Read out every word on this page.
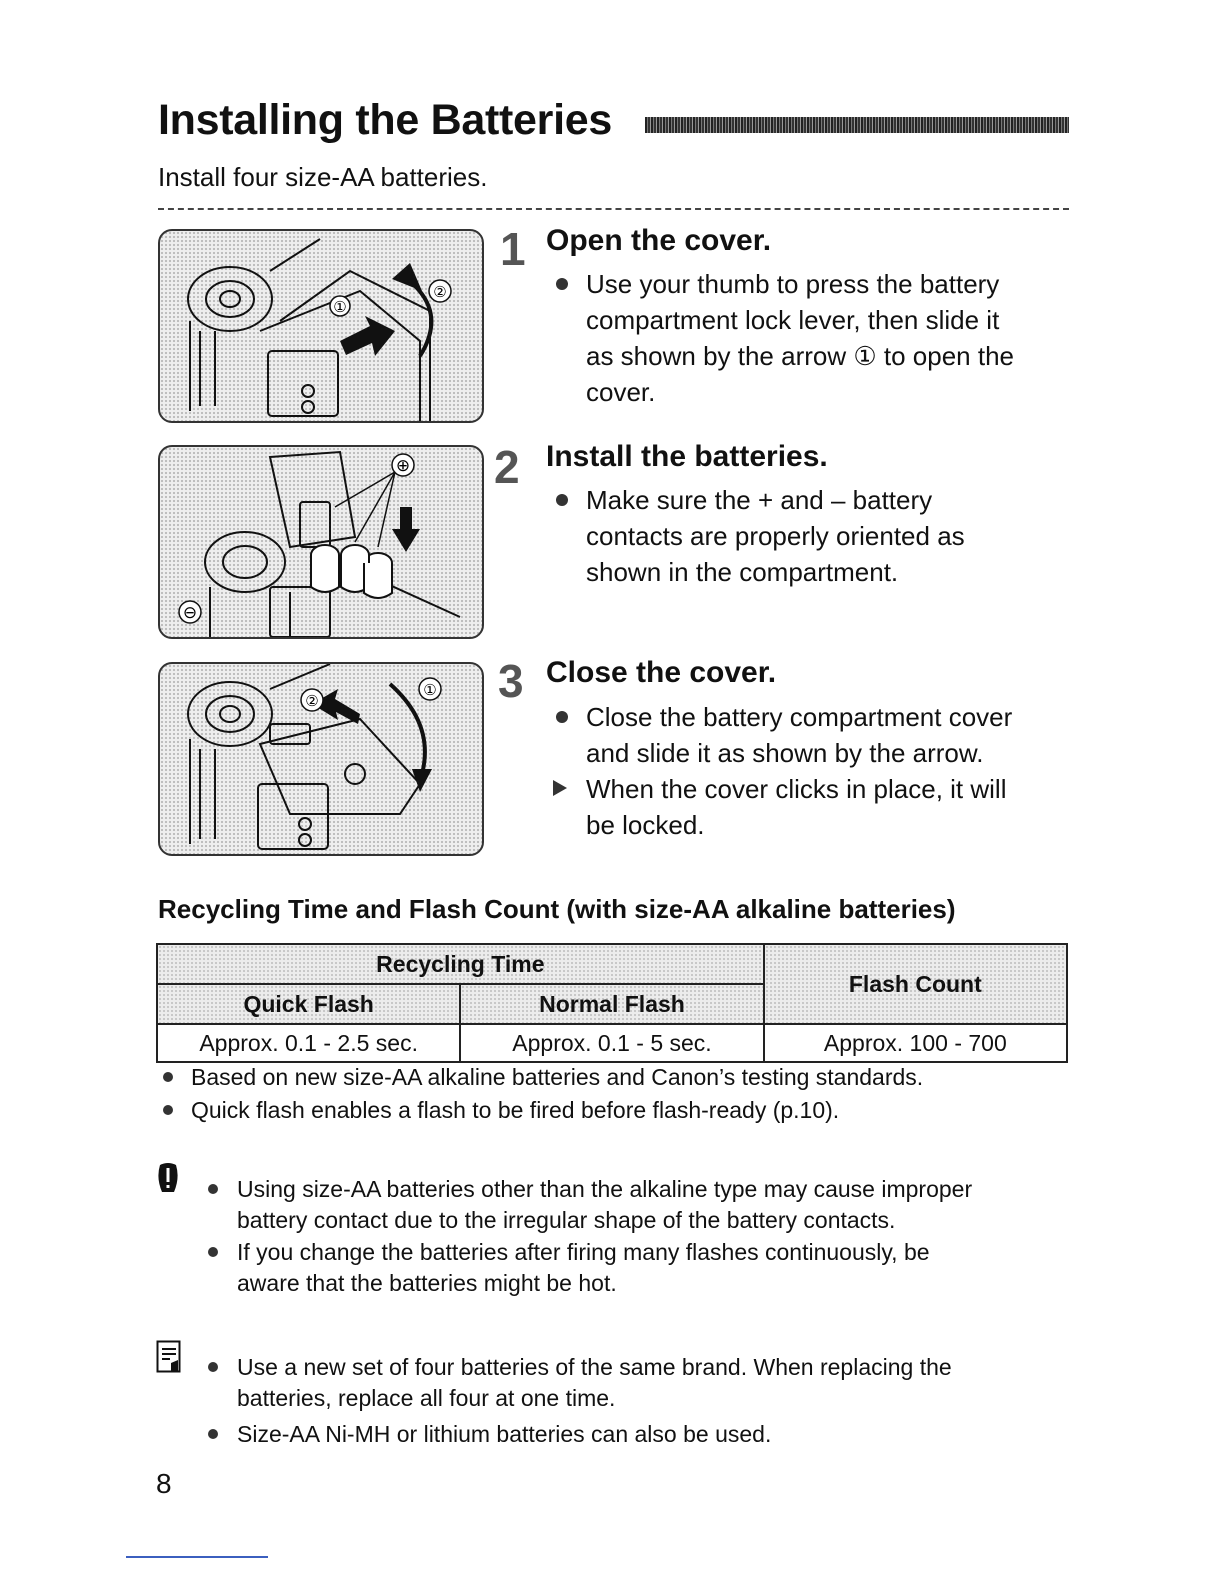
Installing the Batteries
Install four size-AA batteries.
①
②
⊕
⊖
②
①
1 Open the cover.
Use your thumb to press the battery
compartment lock lever, then slide it
as shown by the arrow ① to open the
cover.
2 Install the batteries.
Make sure the + and – battery
contacts are properly oriented as
shown in the compartment.
3 Close the cover.
Close the battery compartment cover
and slide it as shown by the arrow.
When the cover clicks in place, it will
be locked.
Recycling Time and Flash Count (with size-AA alkaline batteries)
Recycling Time		Flash Count
Quick Flash	Normal Flash	
Approx. 0.1 - 2.5 sec.	Approx. 0.1 - 5 sec.	Approx. 100 - 700
Based on new size-AA alkaline batteries and Canon’s testing standards.
Quick flash enables a flash to be fired before flash-ready (p.10).
Using size-AA batteries other than the alkaline type may cause improper
battery contact due to the irregular shape of the battery contacts.
If you change the batteries after firing many flashes continuously, be
aware that the batteries might be hot.
Use a new set of four batteries of the same brand. When replacing the
batteries, replace all four at one time.
Size-AA Ni-MH or lithium batteries can also be used.
8
